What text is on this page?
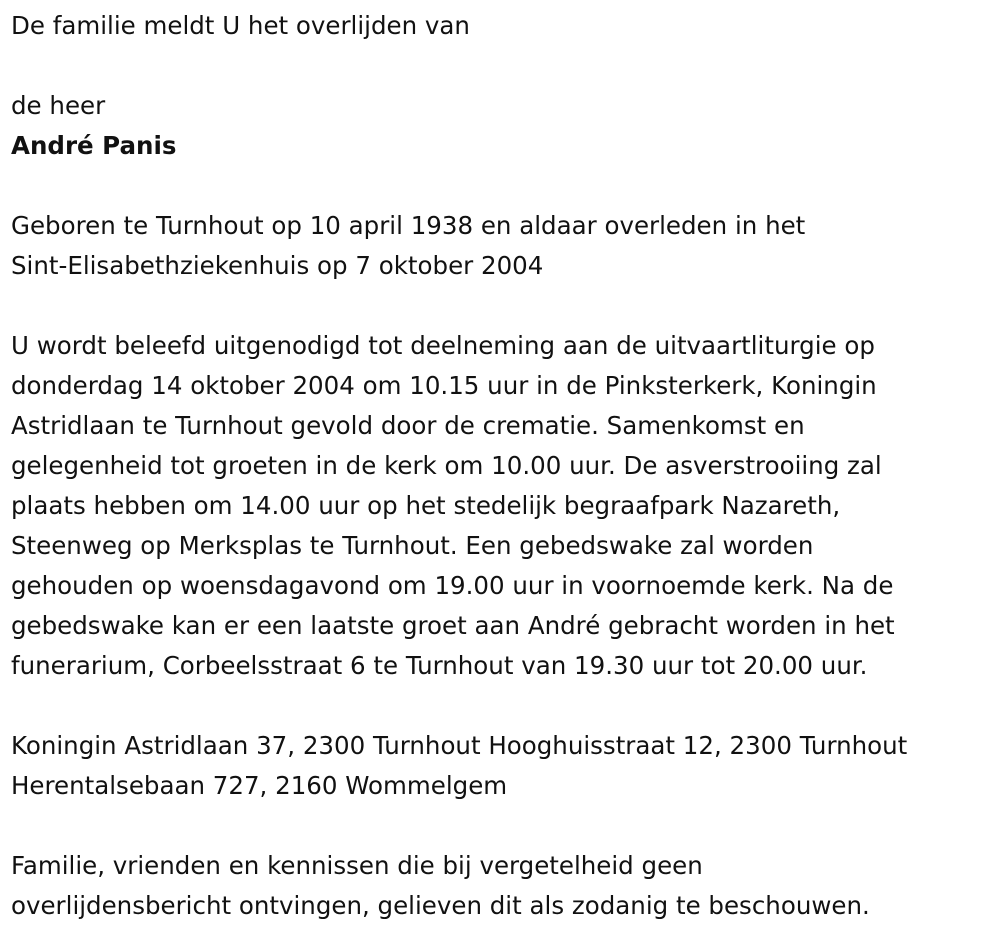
De familie meldt U het overlijden van

de heer

André Panis

Geboren te Turnhout op 10 april 1938 en aldaar overleden in het
Sint-Elisabethziekenhuis op 7 oktober 2004

U wordt beleefd uitgenodigd tot deelneming aan de uitvaartliturgie op
donderdag 14 oktober 2004 om 10.15 uur in de Pinksterkerk, Koningin
Astridlaan te Turnhout gevold door de crematie. Samenkomst en
gelegenheid tot groeten in de kerk om 10.00 uur. De asverstrooiing zal
plaats hebben om 14.00 uur op het stedelijk begraafpark Nazareth,
Steenweg op Merksplas te Turnhout. Een gebedswake zal worden
gehouden op woensdagavond om 19.00 uur in voornoemde kerk. Na de
gebedswake kan er een laatste groet aan André gebracht worden in het
funerarium, Corbeelsstraat 6 te Turnhout van 19.30 uur tot 20.00 uur.

Koningin Astridlaan 37, 2300 Turnhout Hooghuisstraat 12, 2300 Turnhout
Herentalsebaan 727, 2160 Wommelgem

Familie, vrienden en kennissen die bij vergetelheid geen
overlijdensbericht ontvingen, gelieven dit als zodanig te beschouwen.
